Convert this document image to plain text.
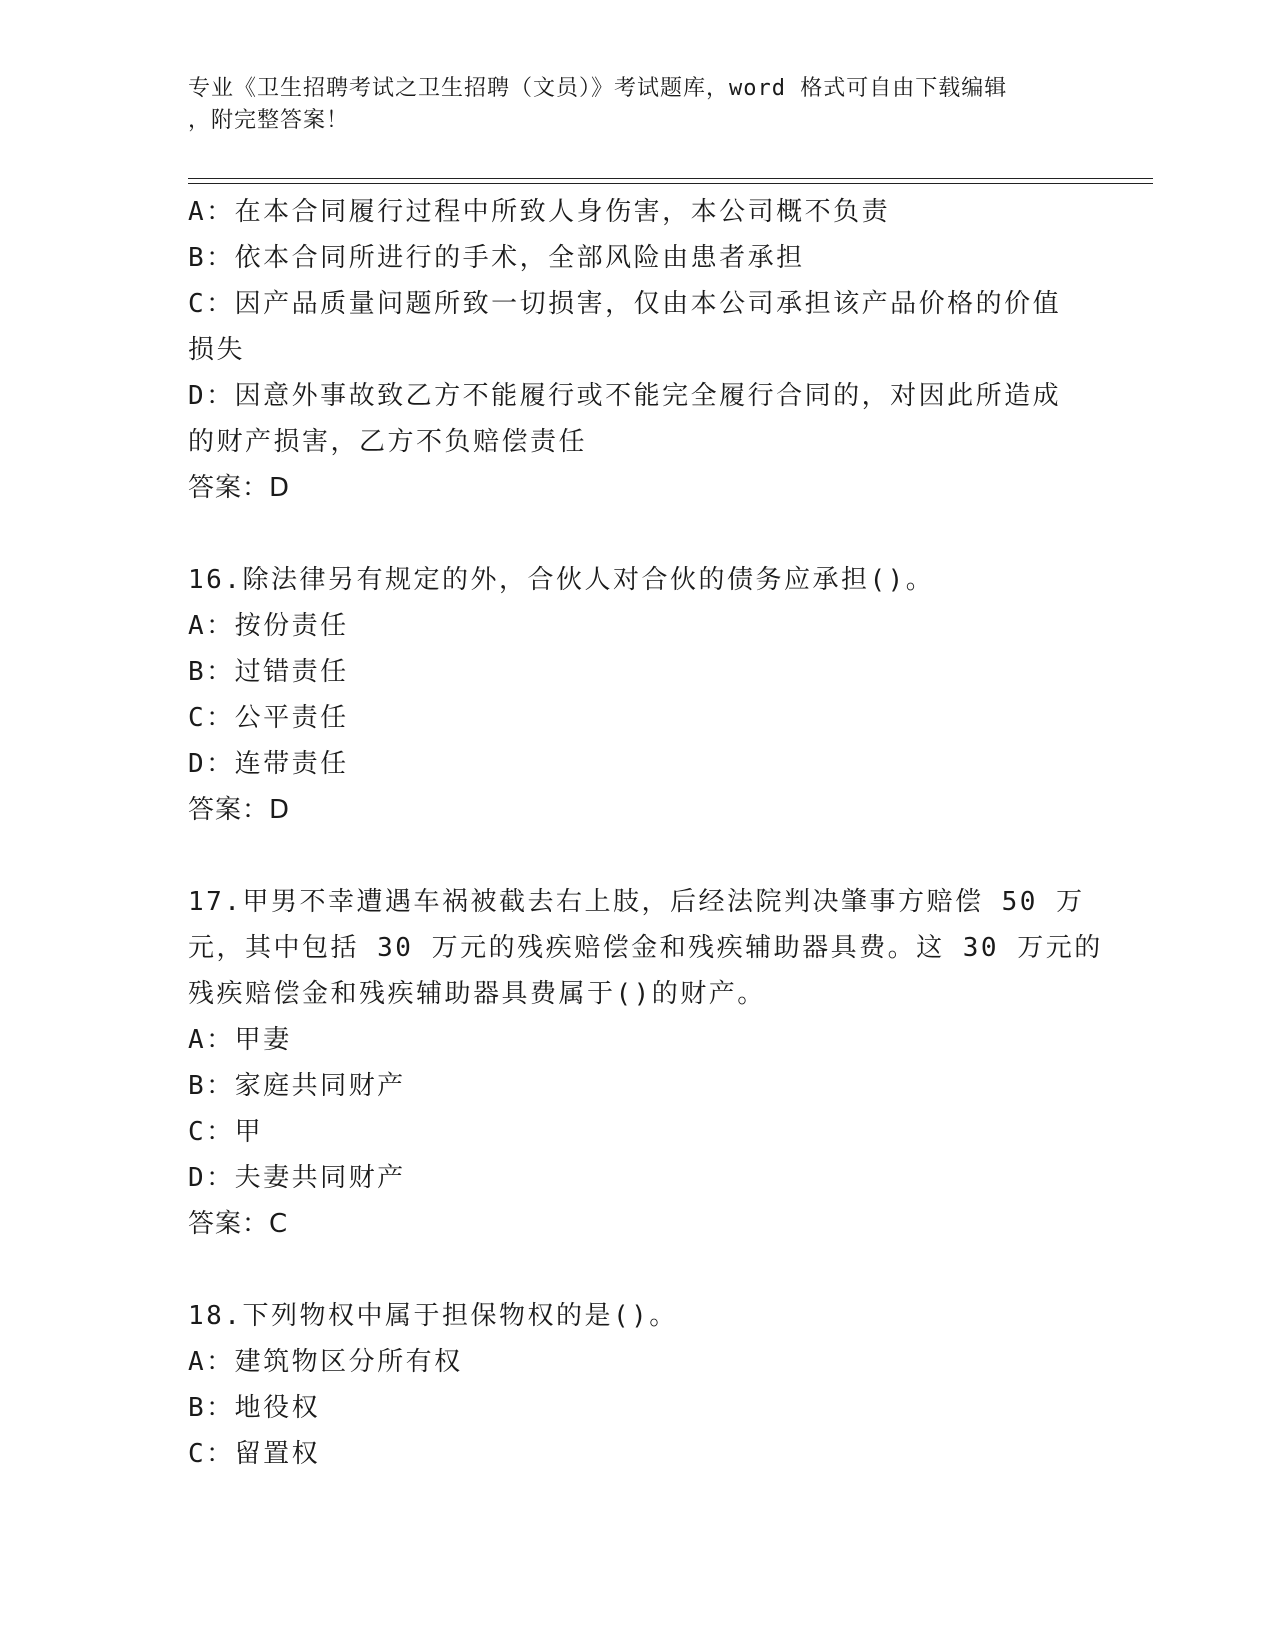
专业《卫生招聘考试之卫生招聘（文员）》考试题库，word 格式可自由下载编辑
，附完整答案！
A：在本合同履行过程中所致人身伤害，本公司概不负责
B：依本合同所进行的手术，全部风险由患者承担
C：因产品质量问题所致一切损害，仅由本公司承担该产品价格的价值
损失
D：因意外事故致乙方不能履行或不能完全履行合同的，对因此所造成
的财产损害，乙方不负赔偿责任
答案：D
16.除法律另有规定的外，合伙人对合伙的债务应承担()。
A：按份责任
B：过错责任
C：公平责任
D：连带责任
答案：D
17.甲男不幸遭遇车祸被截去右上肢，后经法院判决肇事方赔偿 50 万
元，其中包括 30 万元的残疾赔偿金和残疾辅助器具费。这 30 万元的
残疾赔偿金和残疾辅助器具费属于()的财产。
A：甲妻
B：家庭共同财产
C：甲
D：夫妻共同财产
答案：C
18.下列物权中属于担保物权的是()。
A：建筑物区分所有权
B：地役权
C：留置权
